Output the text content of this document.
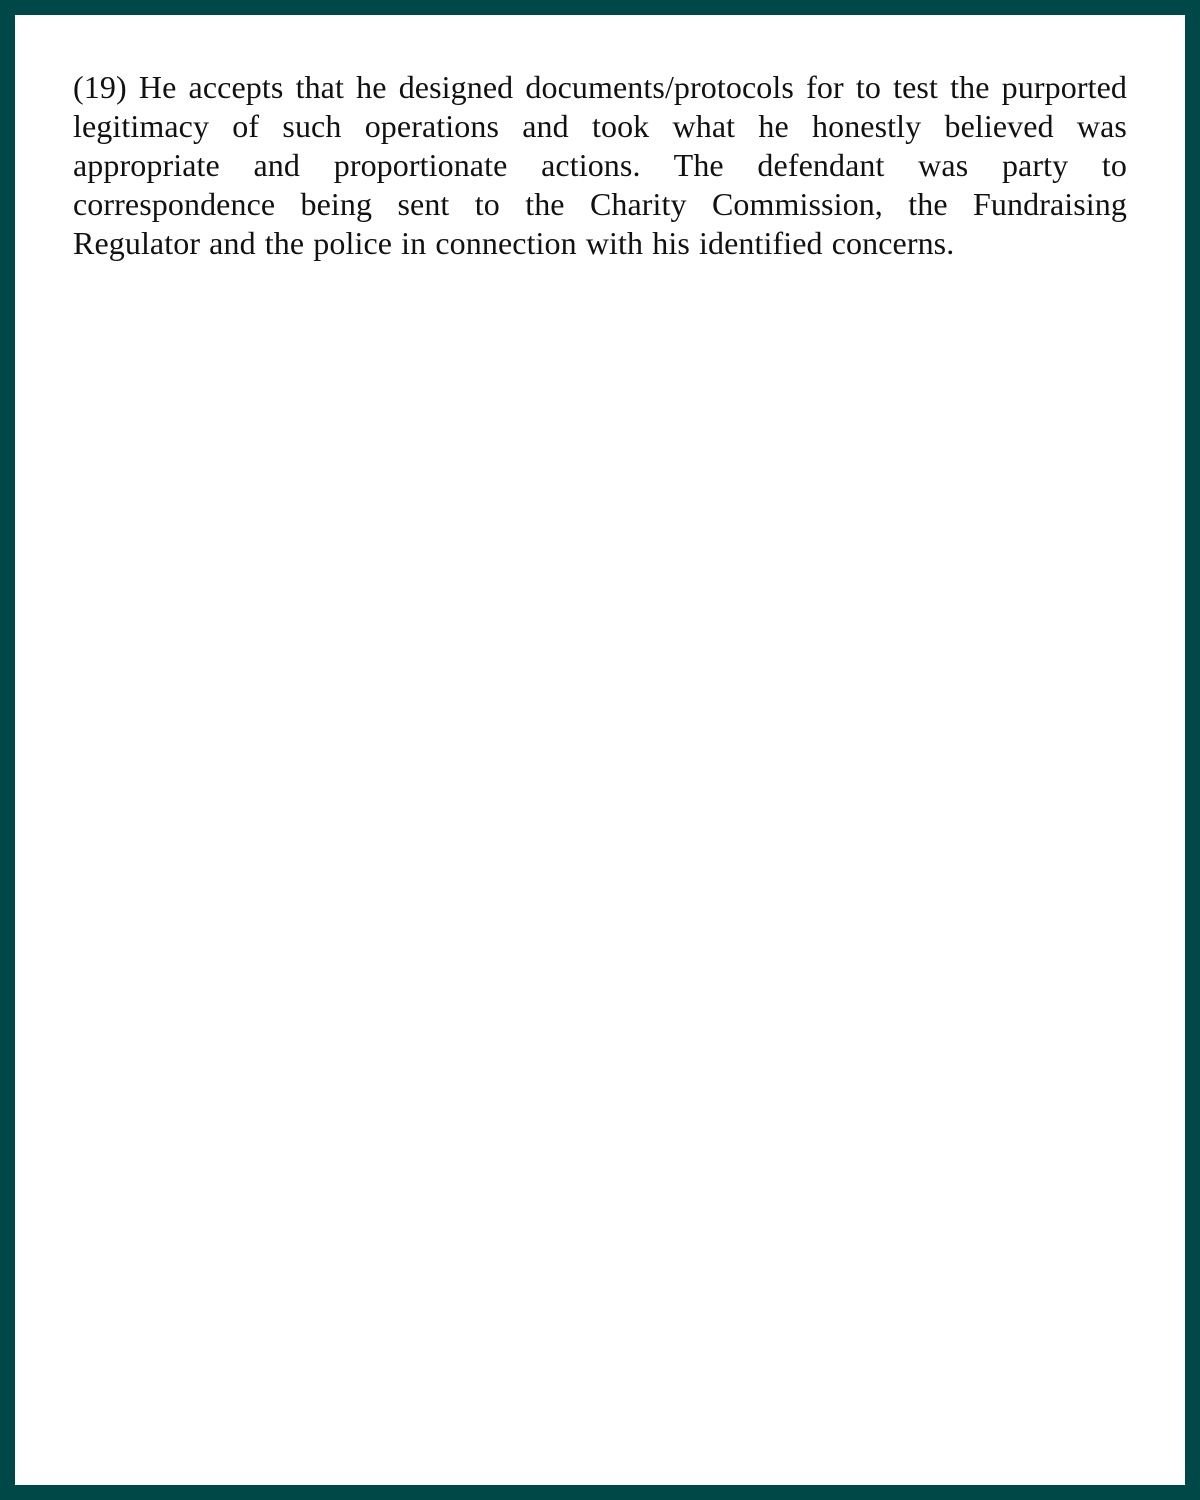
(19) He accepts that he designed documents/protocols for to test the purported legitimacy of such operations and took what he honestly believed was appropriate and proportionate actions. The defendant was party to correspondence being sent to the Charity Commission, the Fundraising Regulator and the police in connection with his identified concerns.
